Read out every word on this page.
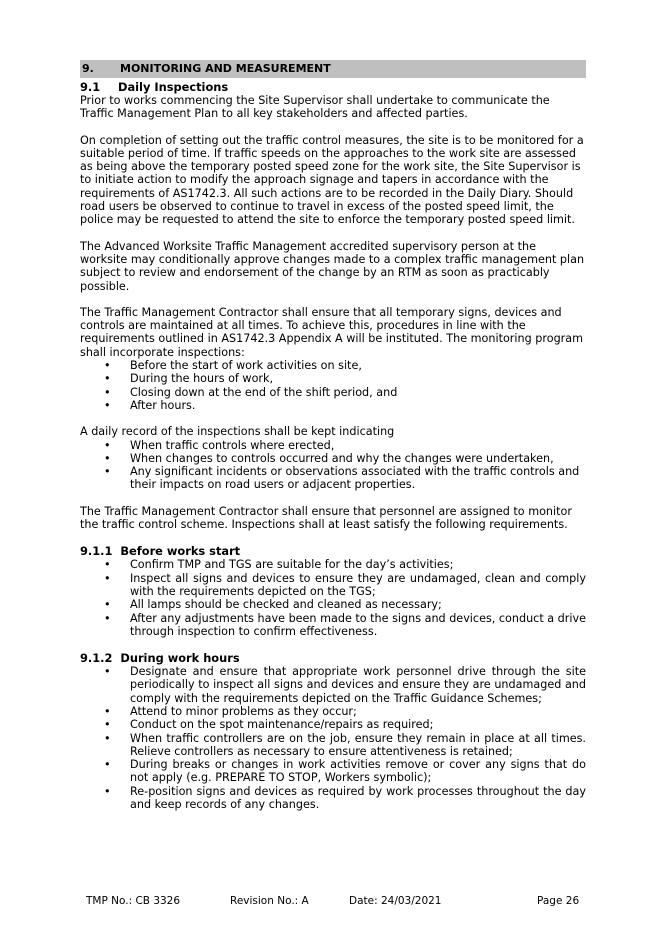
9.	MONITORING AND MEASUREMENT
9.1 Daily Inspections

Prior to works commencing the Site Supervisor shall undertake to communicate the Traffic Management Plan to all key stakeholders and affected parties.

On completion of setting out the traffic control measures, the site is to be monitored for a suitable period of time. If traffic speeds on the approaches to the work site are assessed as being above the temporary posted speed zone for the work site, the Site Supervisor is to initiate action to modify the approach signage and tapers in accordance with the requirements of AS1742.3. All such actions are to be recorded in the Daily Diary. Should road users be observed to continue to travel in excess of the posted speed limit, the police may be requested to attend the site to enforce the temporary posted speed limit.

The Advanced Worksite Traffic Management accredited supervisory person at the worksite may conditionally approve changes made to a complex traffic management plan subject to review and endorsement of the change by an RTM as soon as practicably possible.

The Traffic Management Contractor shall ensure that all temporary signs, devices and controls are maintained at all times. To achieve this, procedures in line with the requirements outlined in AS1742.3 Appendix A will be instituted. The monitoring program shall incorporate inspections:

• Before the start of work activities on site,
• During the hours of work,
• Closing down at the end of the shift period, and
• After hours.

A daily record of the inspections shall be kept indicating

• When traffic controls where erected,
• When changes to controls occurred and why the changes were undertaken,
• Any significant incidents or observations associated with the traffic controls and their impacts on road users or adjacent properties.

The Traffic Management Contractor shall ensure that personnel are assigned to monitor the traffic control scheme. Inspections shall at least satisfy the following requirements.

9.1.1 Before works start
• Confirm TMP and TGS are suitable for the day’s activities;
• Inspect all signs and devices to ensure they are undamaged, clean and comply with the requirements depicted on the TGS;
• All lamps should be checked and cleaned as necessary;
• After any adjustments have been made to the signs and devices, conduct a drive through inspection to confirm effectiveness.
9.1.2 During work hours
• Designate and ensure that appropriate work personnel drive through the site periodically to inspect all signs and devices and ensure they are undamaged and comply with the requirements depicted on the Traffic Guidance Schemes;
• Attend to minor problems as they occur;
• Conduct on the spot maintenance/repairs as required;
• When traffic controllers are on the job, ensure they remain in place at all times. Relieve controllers as necessary to ensure attentiveness is retained;
• During breaks or changes in work activities remove or cover any signs that do not apply (e.g. PREPARE TO STOP, Workers symbolic);
• Re-position signs and devices as required by work processes throughout the day and keep records of any changes.
TMP No.: CB 3326	Revision No.: A	Date: 24/03/2021	Page 26
